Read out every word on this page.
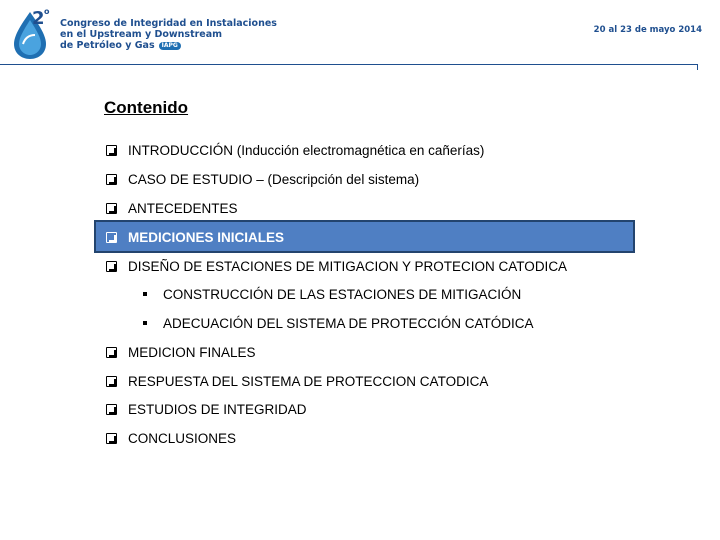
2 o
Congreso de Integridad en Instalaciones
en el Upstream y Downstream
de Petróleo y Gas IAPG
20 al 23 de mayo 2014
Contenido
INTRODUCCIÓN (Inducción electromagnética en cañerías)
CASO DE ESTUDIO – (Descripción del sistema)
ANTECEDENTES
MEDICIONES INICIALES
DISEÑO DE ESTACIONES DE MITIGACION Y PROTECION CATODICA
CONSTRUCCIÓN DE LAS ESTACIONES DE MITIGACIÓN
ADECUACIÓN DEL SISTEMA DE PROTECCIÓN CATÓDICA
MEDICION FINALES
RESPUESTA DEL SISTEMA DE PROTECCION CATODICA
ESTUDIOS DE INTEGRIDAD
CONCLUSIONES
